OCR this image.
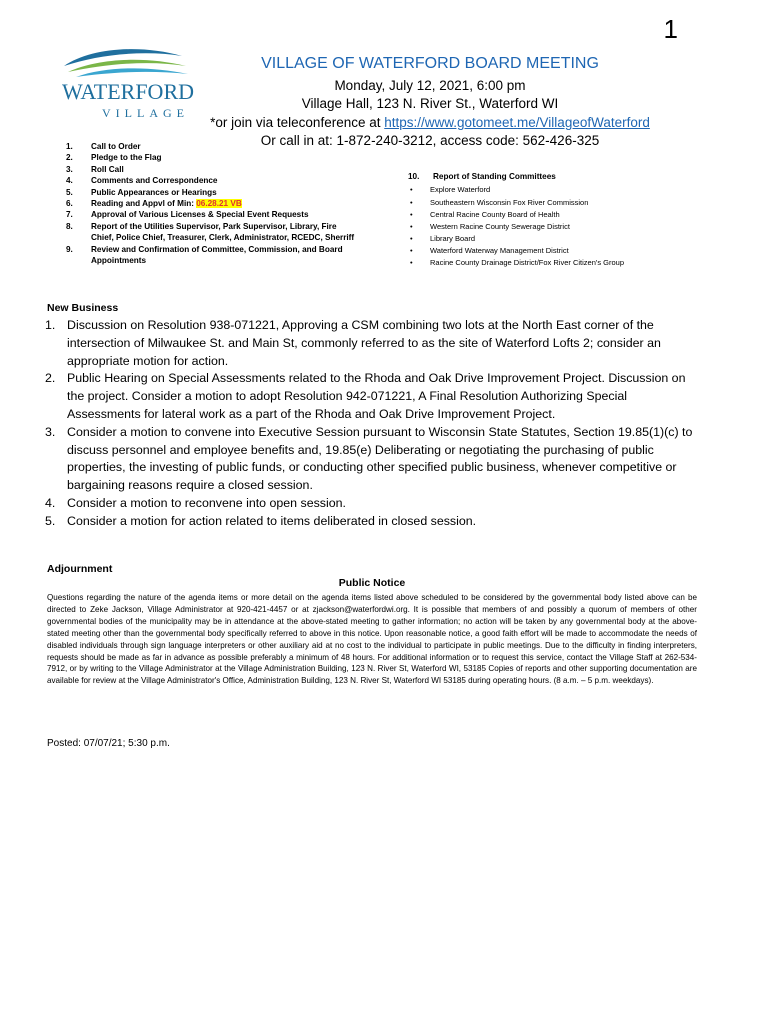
1
WATERFORD
VILLAGE
VILLAGE OF WATERFORD BOARD MEETING
Monday, July 12, 2021, 6:00 pm
Village Hall, 123 N. River St., Waterford WI
*or join via teleconference at https://www.gotomeet.me/VillageofWaterford
Or call in at: 1-872-240-3212, access code: 562-426-325
1. Call to Order
2. Pledge to the Flag
3. Roll Call
4. Comments and Correspondence
5. Public Appearances or Hearings
6. Reading and Appvl of Min: 06.28.21 VB
7. Approval of Various Licenses & Special Event Requests
8. Report of the Utilities Supervisor, Park Supervisor, Library, Fire Chief, Police Chief, Treasurer, Clerk, Administrator, RCEDC, Sherriff
9. Review and Confirmation of Committee, Commission, and Board Appointments
10. Report of Standing Committees
• Explore Waterford
• Southeastern Wisconsin Fox River Commission
• Central Racine County Board of Health
• Western Racine County Sewerage District
• Library Board
• Waterford Waterway Management District
• Racine County Drainage District/Fox River Citizen's Group
New Business
1. Discussion on Resolution 938-071221, Approving a CSM combining two lots at the North East corner of the intersection of Milwaukee St. and Main St, commonly referred to as the site of Waterford Lofts 2; consider an appropriate motion for action.
2. Public Hearing on Special Assessments related to the Rhoda and Oak Drive Improvement Project. Discussion on the project. Consider a motion to adopt Resolution 942-071221, A Final Resolution Authorizing Special Assessments for lateral work as a part of the Rhoda and Oak Drive Improvement Project.
3. Consider a motion to convene into Executive Session pursuant to Wisconsin State Statutes, Section 19.85(1)(c) to discuss personnel and employee benefits and, 19.85(e) Deliberating or negotiating the purchasing of public properties, the investing of public funds, or conducting other specified public business, whenever competitive or bargaining reasons require a closed session.
4. Consider a motion to reconvene into open session.
5. Consider a motion for action related to items deliberated in closed session.
Adjournment
Public Notice
Questions regarding the nature of the agenda items or more detail on the agenda items listed above scheduled to be considered by the governmental body listed above can be directed to Zeke Jackson, Village Administrator at 920-421-4457 or at zjackson@waterfordwi.org. It is possible that members of and possibly a quorum of members of other governmental bodies of the municipality may be in attendance at the above-stated meeting to gather information; no action will be taken by any governmental body at the above-stated meeting other than the governmental body specifically referred to above in this notice. Upon reasonable notice, a good faith effort will be made to accommodate the needs of disabled individuals through sign language interpreters or other auxiliary aid at no cost to the individual to participate in public meetings. Due to the difficulty in finding interpreters, requests should be made as far in advance as possible preferably a minimum of 48 hours. For additional information or to request this service, contact the Village Staff at 262-534-7912, or by writing to the Village Administrator at the Village Administration Building, 123 N. River St, Waterford WI, 53185 Copies of reports and other supporting documentation are available for review at the Village Administrator's Office, Administration Building, 123 N. River St, Waterford WI 53185 during operating hours. (8 a.m. – 5 p.m. weekdays).
Posted: 07/07/21; 5:30 p.m.
